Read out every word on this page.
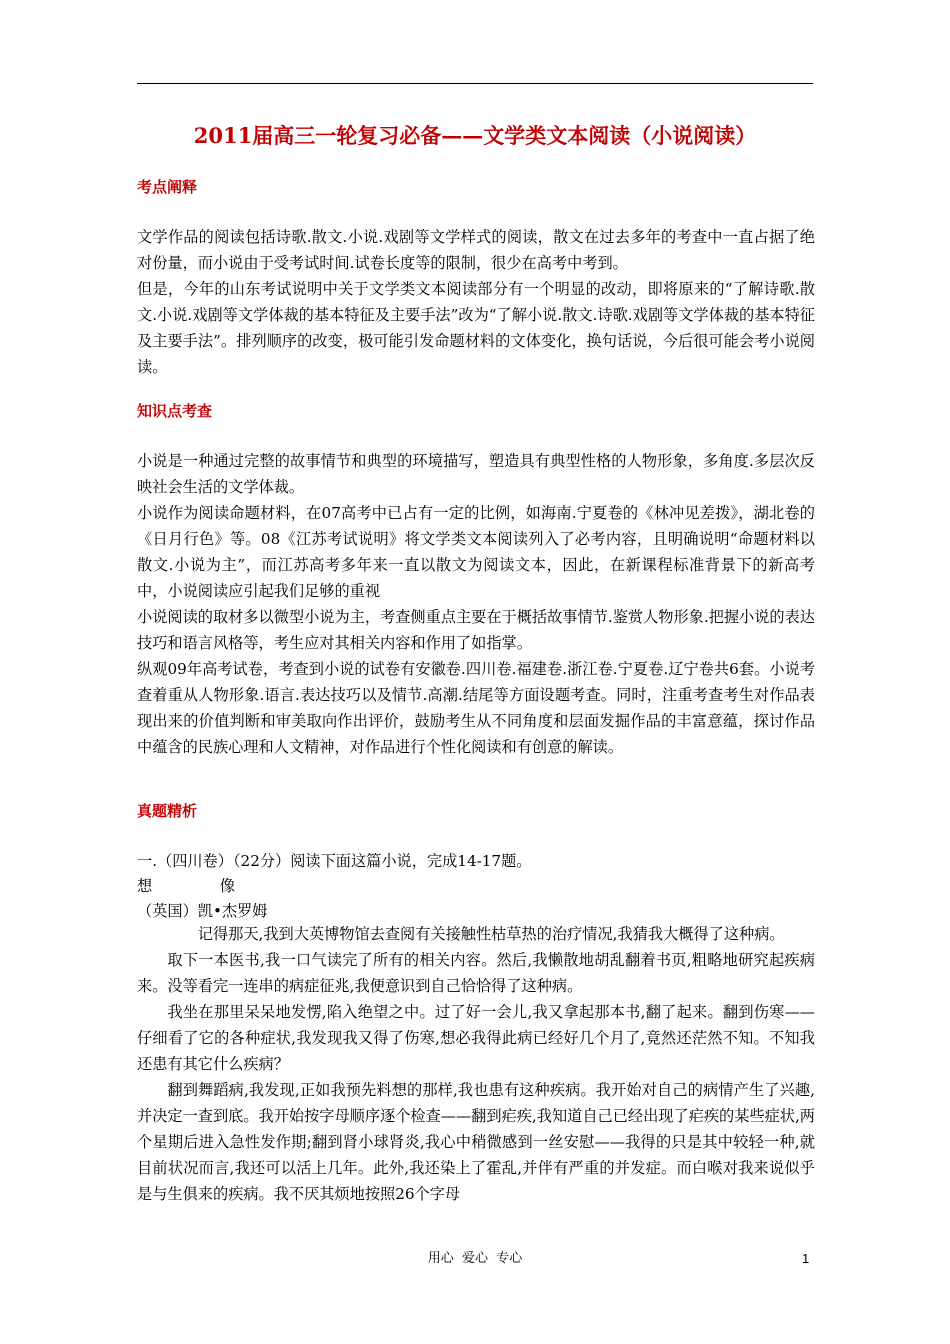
2011届高三一轮复习必备——文学类文本阅读（小说阅读）
考点阐释
文学作品的阅读包括诗歌.散文.小说.戏剧等文学样式的阅读，散文在过去多年的考查中一直占据了绝对份量，而小说由于受考试时间.试卷长度等的限制，很少在高考中考到。
但是，今年的山东考试说明中关于文学类文本阅读部分有一个明显的改动，即将原来的“了解诗歌.散文.小说.戏剧等文学体裁的基本特征及主要手法”改为“了解小说.散文.诗歌.戏剧等文学体裁的基本特征及主要手法”。排列顺序的改变，极可能引发命题材料的文体变化，换句话说，今后很可能会考小说阅读。
知识点考查
小说是一种通过完整的故事情节和典型的环境描写，塑造具有典型性格的人物形象，多角度.多层次反映社会生活的文学体裁。
小说作为阅读命题材料，在07高考中已占有一定的比例，如海南.宁夏卷的《林冲见差拨》，湖北卷的《日月行色》等。08《江苏考试说明》将文学类文本阅读列入了必考内容，且明确说明“命题材料以散文.小说为主”，而江苏高考多年来一直以散文为阅读文本，因此，在新课程标准背景下的新高考中，小说阅读应引起我们足够的重视
小说阅读的取材多以微型小说为主，考查侧重点主要在于概括故事情节.鉴赏人物形象.把握小说的表达技巧和语言风格等，考生应对其相关内容和作用了如指掌。
纵观09年高考试卷，考查到小说的试卷有安徽卷.四川卷.福建卷.浙江卷.宁夏卷.辽宁卷共6套。小说考查着重从人物形象.语言.表达技巧以及情节.高潮.结尾等方面设题考查。同时，注重考查考生对作品表现出来的价值判断和审美取向作出评价，鼓励考生从不同角度和层面发掘作品的丰富意蕴，探讨作品中蕴含的民族心理和人文精神，对作品进行个性化阅读和有创意的解读。
真题精析
一.（四川卷）（22分）阅读下面这篇小说，完成14-17题。
想              像
（英国）凯•杰罗姆

记得那天,我到大英博物馆去查阅有关接触性枯草热的治疗情况,我猜我大概得了这种病。

取下一本医书,我一口气读完了所有的相关内容。然后,我懒散地胡乱翻着书页,粗略地研究起疾病来。没等看完一连串的病症征兆,我便意识到自己恰恰得了这种病。

我坐在那里呆呆地发愣,陷入绝望之中。过了好一会儿,我又拿起那本书,翻了起来。翻到伤寒——仔细看了它的各种症状,我发现我又得了伤寒,想必我得此病已经好几个月了,竟然还茫然不知。不知我还患有其它什么疾病？

翻到舞蹈病,我发现,正如我预先料想的那样,我也患有这种疾病。我开始对自己的病情产生了兴趣,并决定一查到底。我开始按字母顺序逐个检查——翻到疟疾,我知道自己已经出现了疟疾的某些症状,两个星期后进入急性发作期;翻到肾小球肾炎,我心中稍微感到一丝安慰——我得的只是其中较轻一种,就目前状况而言,我还可以活上几年。此外,我还染上了霍乱,并伴有严重的并发症。而白喉对我来说似乎是与生俱来的疾病。我不厌其烦地按照26个字母

用心  爱心  专心	1
